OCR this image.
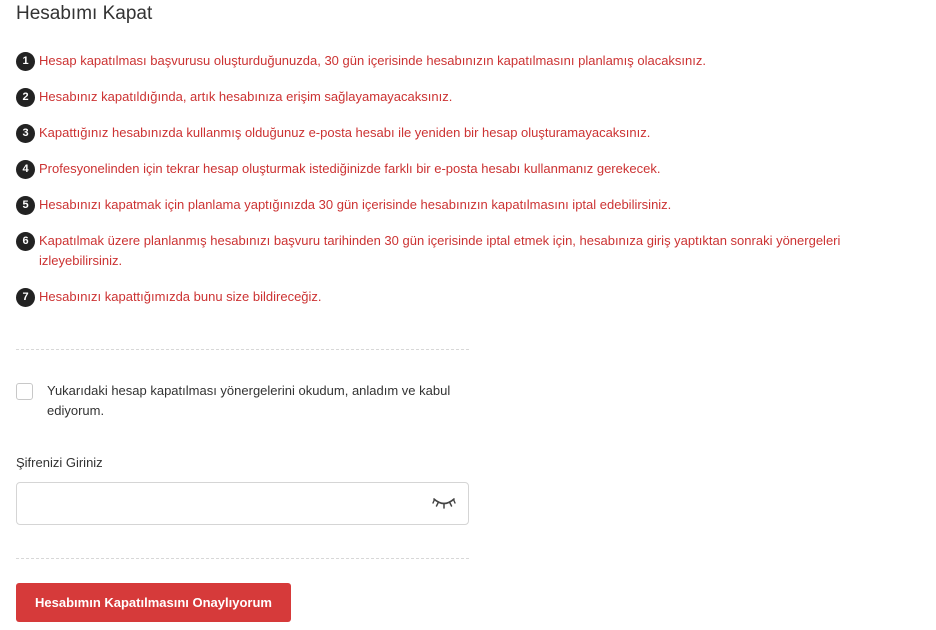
Hesabımı Kapat
1 Hesap kapatılması başvurusu oluşturduğunuzda, 30 gün içerisinde hesabınızın kapatılmasını planlamış olacaksınız.
2 Hesabınız kapatıldığında, artık hesabınıza erişim sağlayamayacaksınız.
3 Kapattığınız hesabınızda kullanmış olduğunuz e-posta hesabı ile yeniden bir hesap oluşturamayacaksınız.
4 Profesyonelinden için tekrar hesap oluşturmak istediğinizde farklı bir e-posta hesabı kullanmanız gerekecek.
5 Hesabınızı kapatmak için planlama yaptığınızda 30 gün içerisinde hesabınızın kapatılmasını iptal edebilirsiniz.
6 Kapatılmak üzere planlanmış hesabınızı başvuru tarihinden 30 gün içerisinde iptal etmek için, hesabınıza giriş yaptıktan sonraki yönergeleri izleyebilirsiniz.
7 Hesabınızı kapattığımızda bunu size bildireceğiz.
Yukarıdaki hesap kapatılması yönergelerini okudum, anladım ve kabul ediyorum.
Şifrenizi Giriniz
Hesabımın Kapatılmasını Onaylıyorum
